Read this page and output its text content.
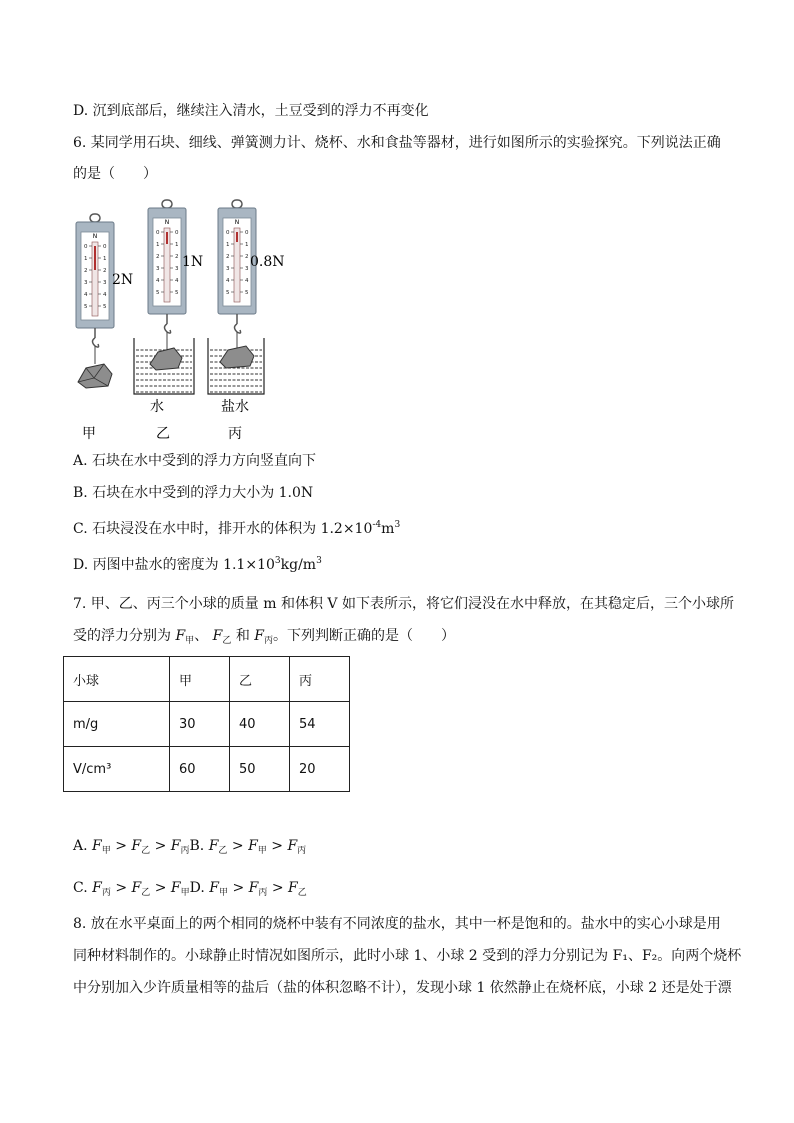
D. 沉到底部后，继续注入清水，土豆受到的浮力不再变化
6. 某同学用石块、细线、弹簧测力计、烧杯、水和食盐等器材，进行如图所示的实验探究。下列说法正确
的是（　　）
N
0
1
2
3
4
5
0
1
2
3
4
5
2N
N
0
1
2
3
4
5
0
1
2
3
4
5
1N
N
0
1
2
3
4
5
0
1
2
3
4
5
0.8N
水	盐水
甲	乙	丙
A. 石块在水中受到的浮力方向竖直向下
B. 石块在水中受到的浮力大小为 1.0N
C. 石块浸没在水中时，排开水的体积为 $1.2\times 10^{-4}m^3$
D. 丙图中盐水的密度为 $1.1\times 10^3kg/m^3$
7. 甲、乙、丙三个小球的质量 m 和体积 V 如下表所示，将它们浸没在水中释放，在其稳定后，三个小球所
受的浮力分别为 $F_甲$、 $F_乙$ 和 $F_丙$。下列判断正确的是（　　）
小球	甲	乙	丙
m/g	30	40	54
V/cm³	60	50	20
A. $F_甲 > F_乙 > F_丙B$. $F_乙 > F_甲 > F_丙$
C. $F_丙 > F_乙 > F_甲D$. $F_甲 > F_丙 > F_乙$
8. 放在水平桌面上的两个相同的烧杯中装有不同浓度的盐水，其中一杯是饱和的。盐水中的实心小球是用
同种材料制作的。小球静止时情况如图所示，此时小球 1、小球 2 受到的浮力分别记为 F₁、F₂。向两个烧杯
中分别加入少许质量相等的盐后（盐的体积忽略不计），发现小球 1 依然静止在烧杯底，小球 2 还是处于漂
